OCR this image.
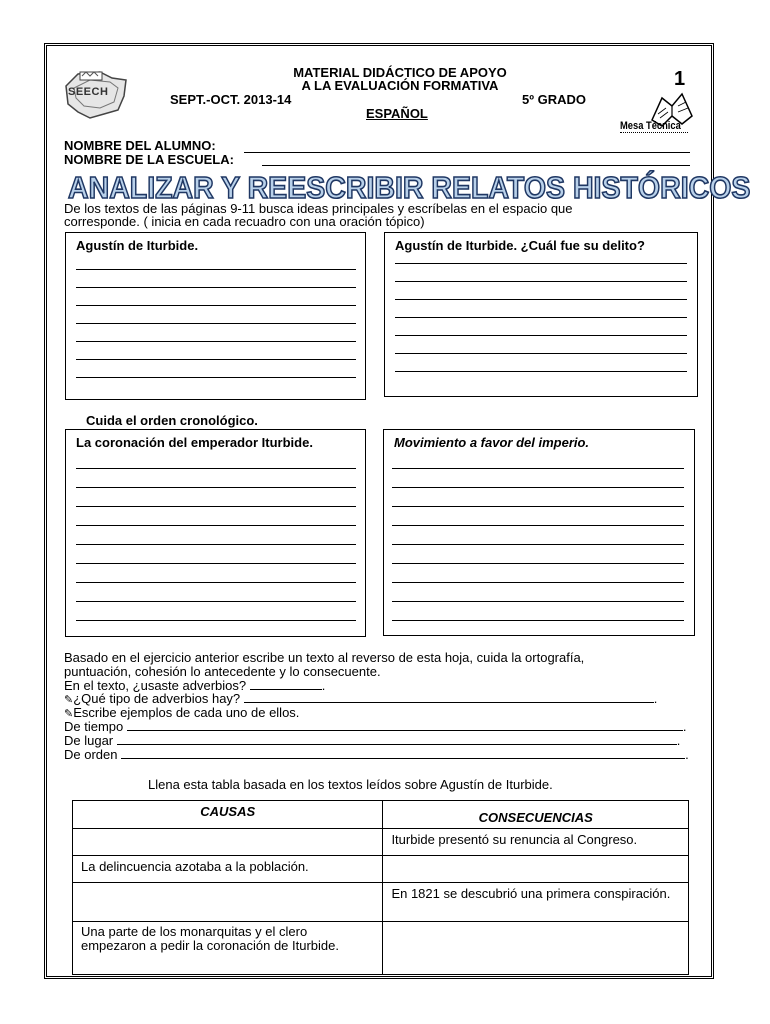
SEECH
MATERIAL DIDÁCTICO DE APOYO
A LA EVALUACIÓN FORMATIVA
SEPT.-OCT. 2013-14	5º GRADO
ESPAÑOL
1
Mesa Técnica
NOMBRE DEL ALUMNO:
NOMBRE DE LA ESCUELA:
ANALIZAR Y REESCRIBIR RELATOS HISTÓRICOS
De los textos de las páginas 9-11 busca ideas principales y escríbelas en el espacio que
corresponde. ( inicia en cada recuadro con una oración tópico)
Agustín de Iturbide.	Agustín de Iturbide. ¿Cuál fue su delito?
Cuida el orden cronológico.
La coronación del emperador Iturbide.	Movimiento a favor del imperio.
Basado en el ejercicio anterior escribe un texto al reverso de esta hoja, cuida la ortografía,
puntuación, cohesión lo antecedente y lo consecuente.
En el texto, ¿usaste adverbios?	.
✎¿Qué tipo de adverbios hay?	.
✎Escribe ejemplos de cada uno de ellos.
De tiempo	.
De lugar	.
De orden	.
Llena esta tabla basada en los textos leídos sobre Agustín de Iturbide.
CAUSAS	CONSECUENCIAS
	Iturbide presentó su renuncia al Congreso.
La delincuencia azotaba a la población.	
	En 1821 se descubrió una primera conspiración.
Una parte de los monarquitas y el clero empezaron a pedir la coronación de Iturbide.	
